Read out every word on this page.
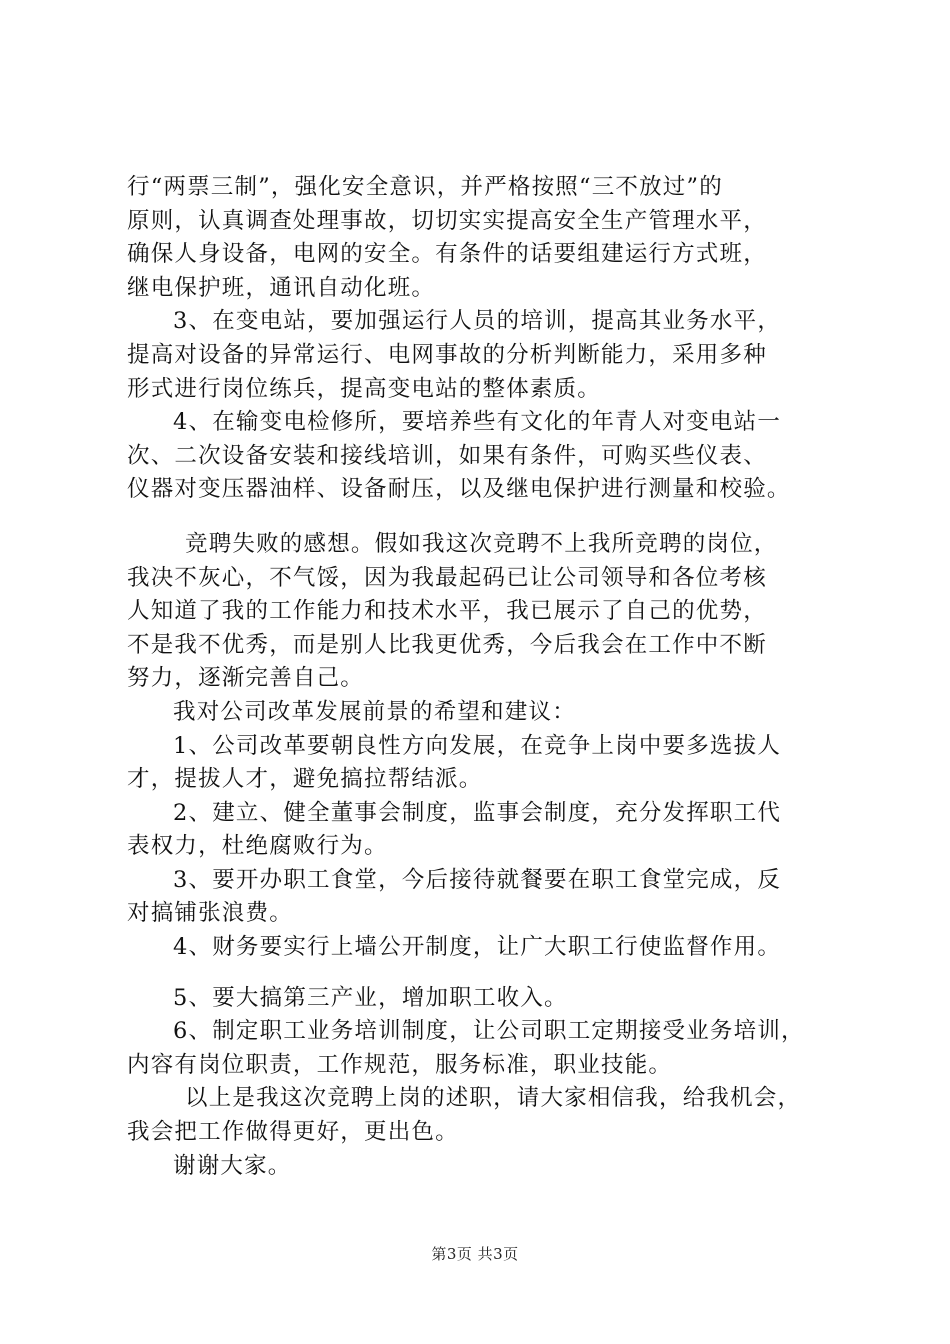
行“两票三制”，强化安全意识，并严格按照“三不放过”的
原则，认真调查处理事故，切切实实提高安全生产管理水平，
确保人身设备，电网的安全。有条件的话要组建运行方式班，
继电保护班，通讯自动化班。
3、在变电站，要加强运行人员的培训，提高其业务水平，
提高对设备的异常运行、电网事故的分析判断能力，采用多种
形式进行岗位练兵，提高变电站的整体素质。
4、在输变电检修所，要培养些有文化的年青人对变电站一
次、二次设备安装和接线培训，如果有条件，可购买些仪表、
仪器对变压器油样、设备耐压，以及继电保护进行测量和校验。
竞聘失败的感想。假如我这次竞聘不上我所竞聘的岗位，
我决不灰心，不气馁，因为我最起码已让公司领导和各位考核
人知道了我的工作能力和技术水平，我已展示了自己的优势，
不是我不优秀，而是别人比我更优秀，今后我会在工作中不断
努力，逐渐完善自己。
我对公司改革发展前景的希望和建议：
1、公司改革要朝良性方向发展，在竞争上岗中要多选拔人
才，提拔人才，避免搞拉帮结派。
2、建立、健全董事会制度，监事会制度，充分发挥职工代
表权力，杜绝腐败行为。
3、要开办职工食堂，今后接待就餐要在职工食堂完成，反
对搞铺张浪费。
4、财务要实行上墙公开制度，让广大职工行使监督作用。
5、要大搞第三产业，增加职工收入。
6、制定职工业务培训制度，让公司职工定期接受业务培训，
内容有岗位职责，工作规范，服务标准，职业技能。
以上是我这次竞聘上岗的述职，请大家相信我，给我机会，
我会把工作做得更好，更出色。
谢谢大家。
第3页 共3页
